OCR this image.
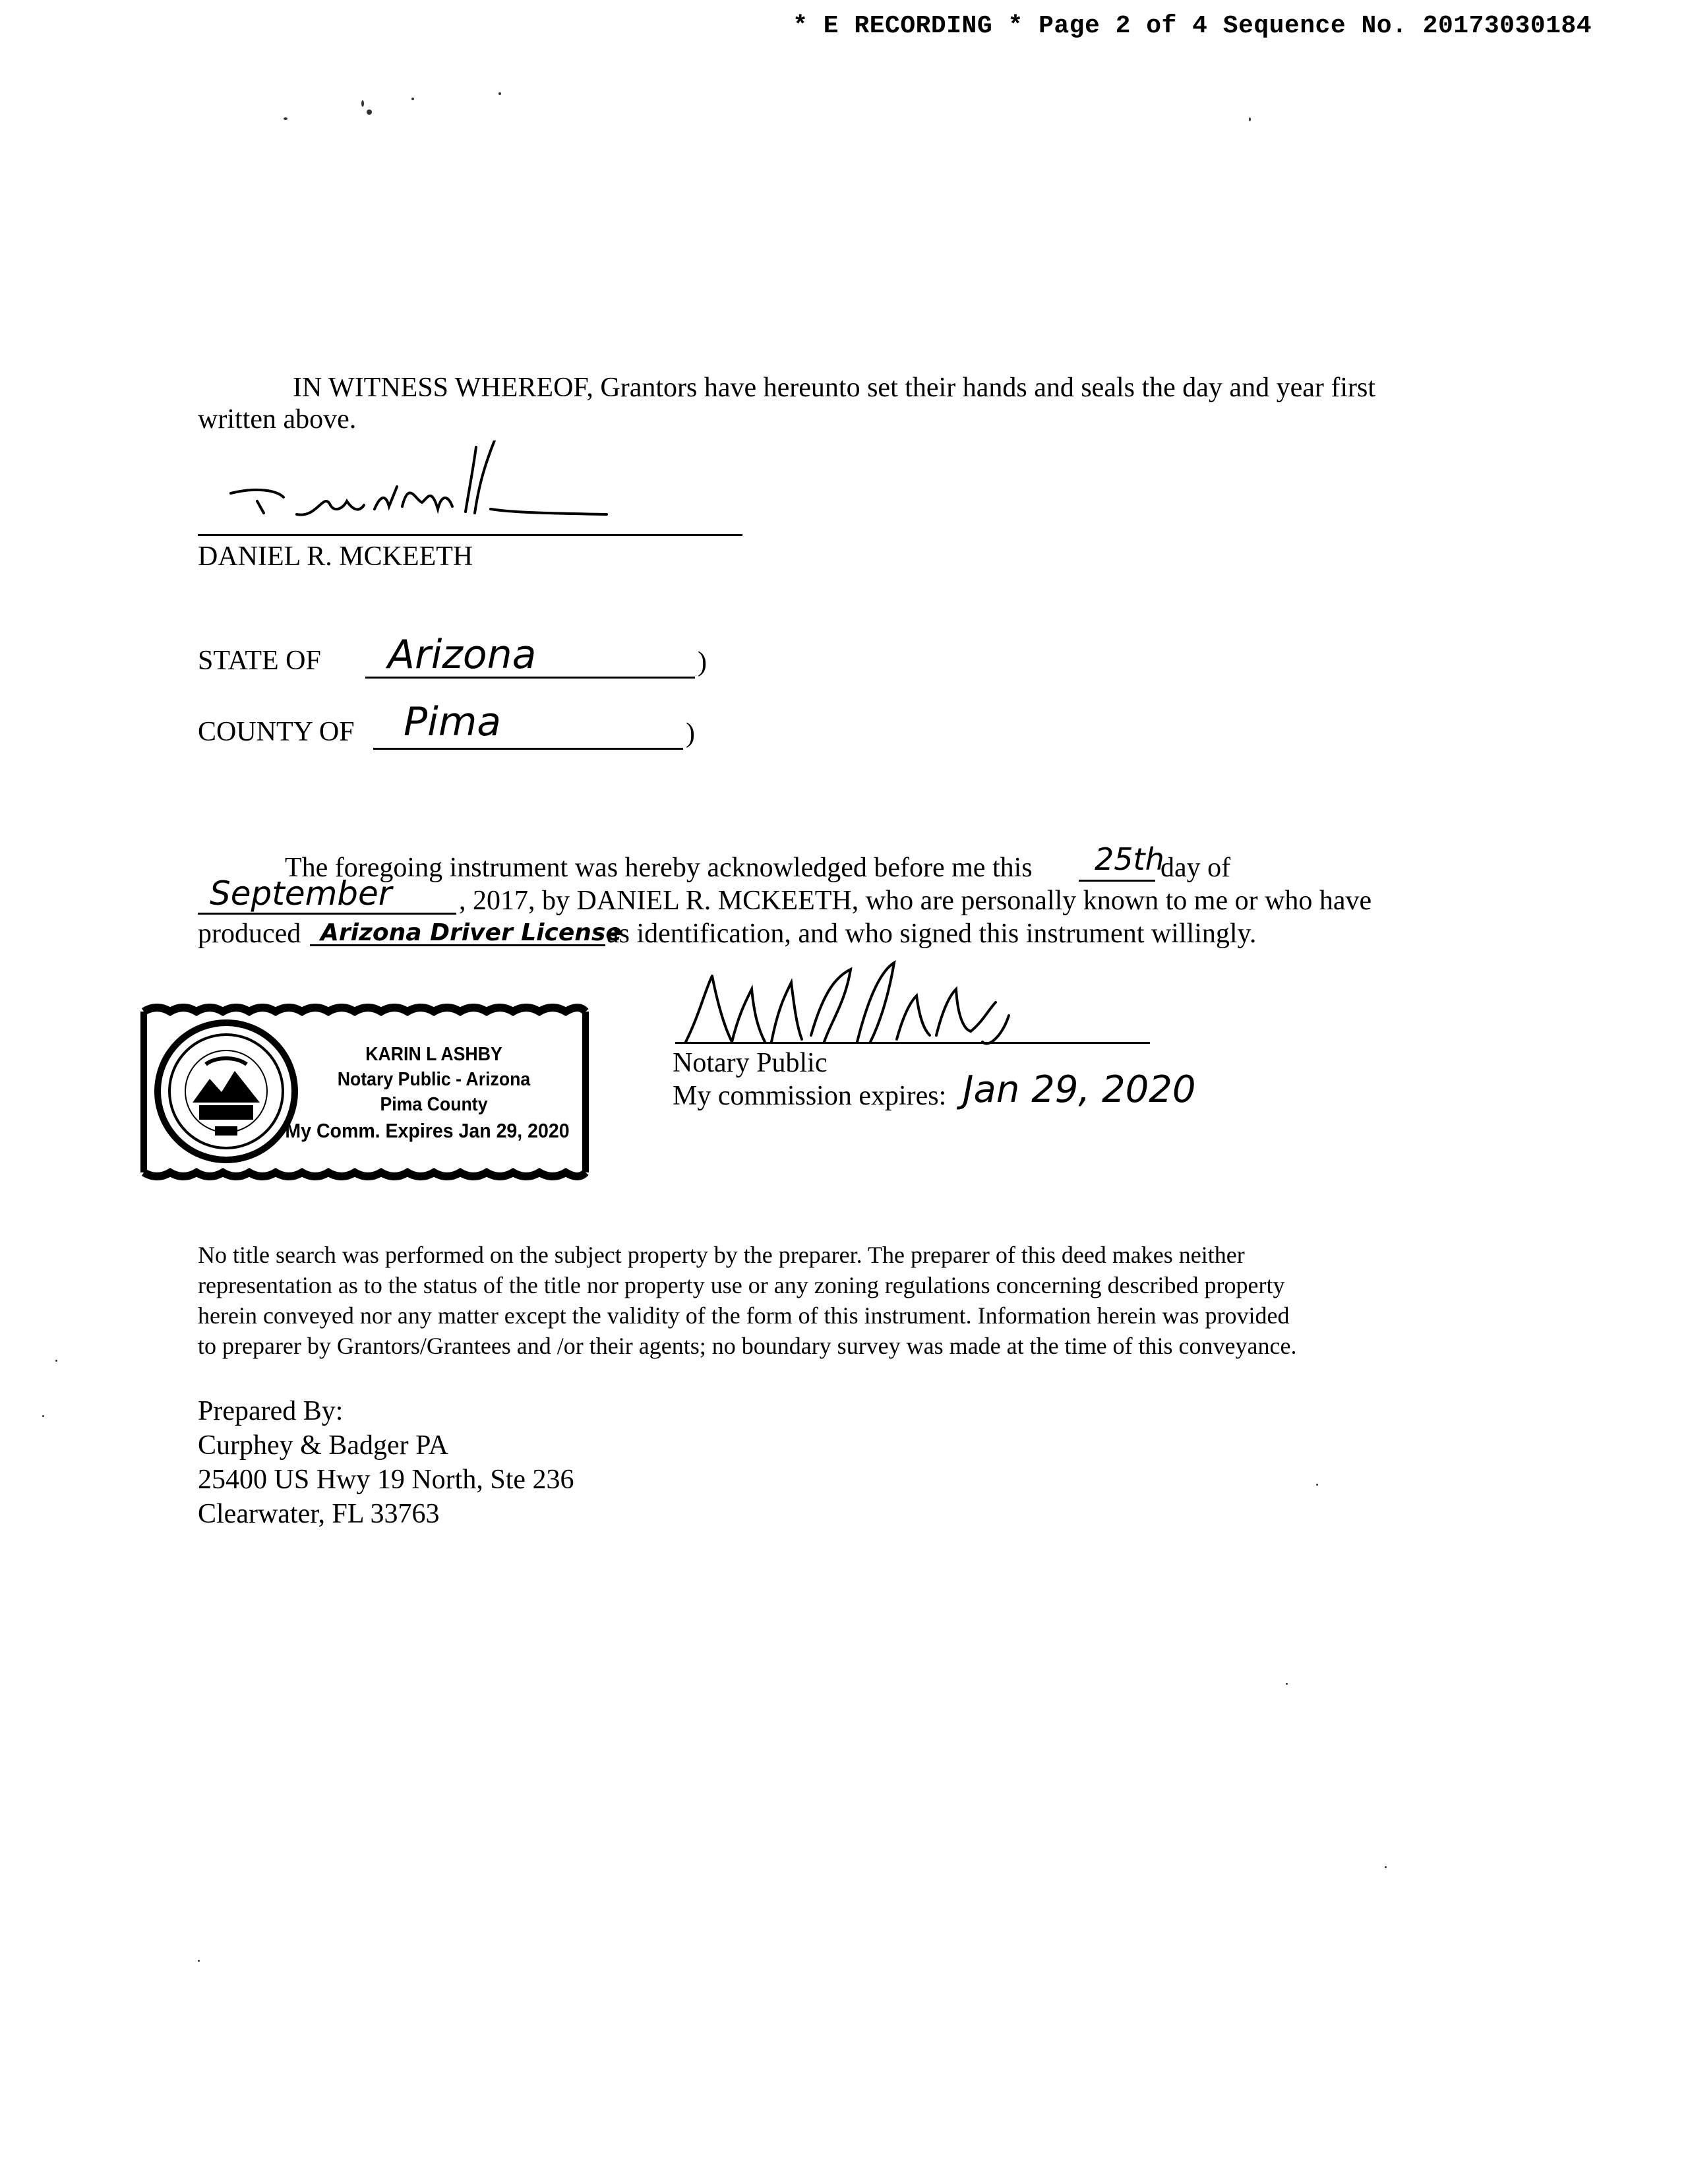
* E RECORDING * Page 2 of 4 Sequence No. 20173030184
IN WITNESS WHEREOF, Grantors have hereunto set their hands and seals the day and year first
written above.
DANIEL R. MCKEETH
STATE OF Arizona	)
COUNTY OF Pima	)
The foregoing instrument was hereby acknowledged before me this 25th
day of
September , 2017, by DANIEL R. MCKEETH, who are personally known to me or who have
produced Arizona Driver License
as identification, and who signed this instrument willingly.
KARIN L ASHBY
Notary Public - Arizona
Pima County
My Comm. Expires Jan 29, 2020
Notary Public
My commission expires: Jan 29, 2020
No title search was performed on the subject property by the preparer. The preparer of this deed makes neither
representation as to the status of the title nor property use or any zoning regulations concerning described property
herein conveyed nor any matter except the validity of the form of this instrument. Information herein was provided
to preparer by Grantors/Grantees and /or their agents; no boundary survey was made at the time of this conveyance.
Prepared By:
Curphey & Badger PA
25400 US Hwy 19 North, Ste 236
Clearwater, FL 33763
